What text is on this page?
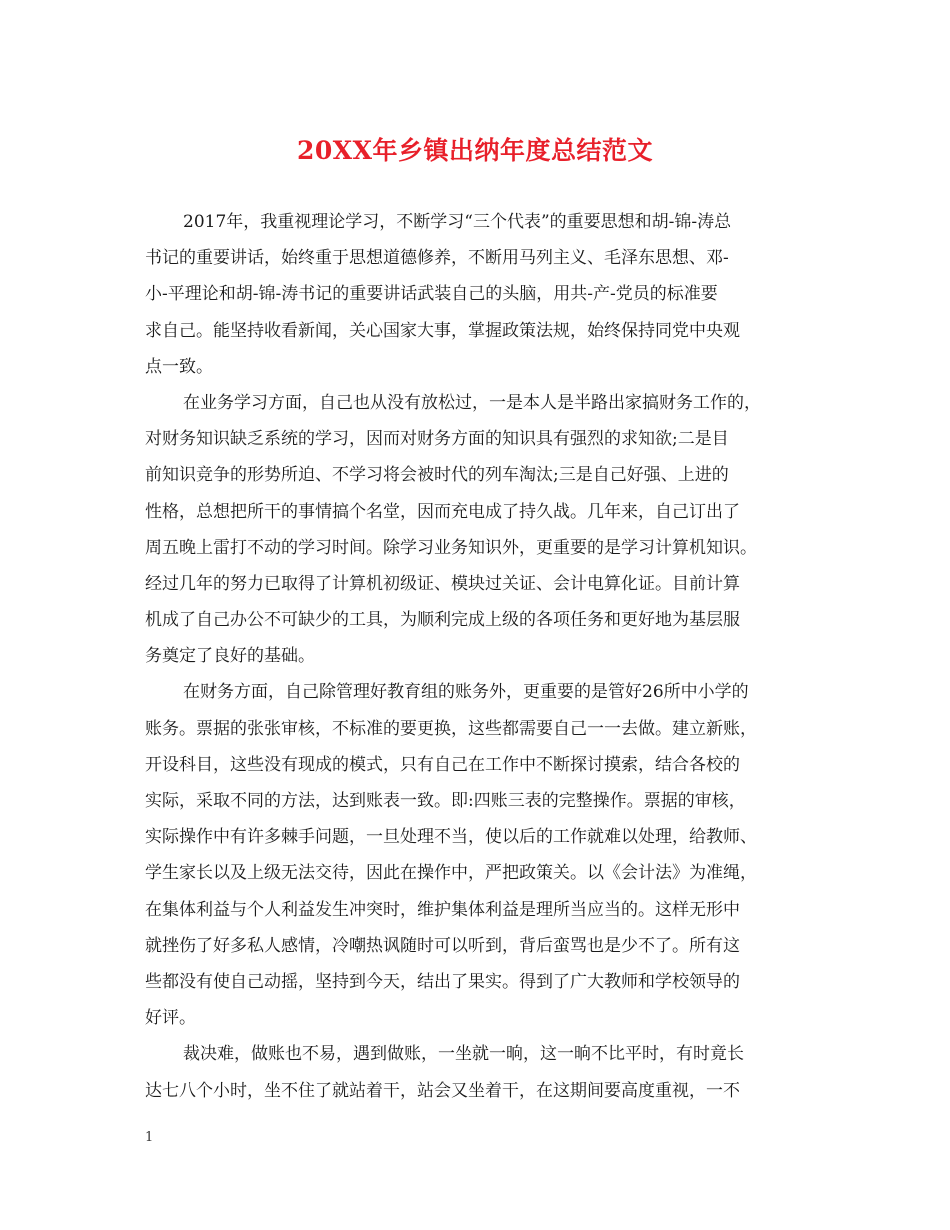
20XX年乡镇出纳年度总结范文
2017年，我重视理论学习，不断学习“三个代表”的重要思想和胡-锦-涛总
书记的重要讲话，始终重于思想道德修养，不断用马列主义、毛泽东思想、邓-
小-平理论和胡-锦-涛书记的重要讲话武装自己的头脑，用共-产-党员的标准要
求自己。能坚持收看新闻，关心国家大事，掌握政策法规，始终保持同党中央观
点一致。
在业务学习方面，自己也从没有放松过，一是本人是半路出家搞财务工作的，
对财务知识缺乏系统的学习，因而对财务方面的知识具有强烈的求知欲;二是目
前知识竞争的形势所迫、不学习将会被时代的列车淘汰;三是自己好强、上进的
性格，总想把所干的事情搞个名堂，因而充电成了持久战。几年来，自己订出了
周五晚上雷打不动的学习时间。除学习业务知识外，更重要的是学习计算机知识。
经过几年的努力已取得了计算机初级证、模块过关证、会计电算化证。目前计算
机成了自己办公不可缺少的工具，为顺利完成上级的各项任务和更好地为基层服
务奠定了良好的基础。
在财务方面，自己除管理好教育组的账务外，更重要的是管好26所中小学的
账务。票据的张张审核，不标准的要更换，这些都需要自己一一去做。建立新账，
开设科目，这些没有现成的模式，只有自己在工作中不断探讨摸索，结合各校的
实际，采取不同的方法，达到账表一致。即:四账三表的完整操作。票据的审核，
实际操作中有许多棘手问题，一旦处理不当，使以后的工作就难以处理，给教师、
学生家长以及上级无法交待，因此在操作中，严把政策关。以《会计法》为准绳，
在集体利益与个人利益发生冲突时，维护集体利益是理所当应当的。这样无形中
就挫伤了好多私人感情，冷嘲热讽随时可以听到，背后蛮骂也是少不了。所有这
些都没有使自己动摇，坚持到今天，结出了果实。得到了广大教师和学校领导的
好评。
裁决难，做账也不易，遇到做账，一坐就一晌，这一晌不比平时，有时竟长
达七八个小时，坐不住了就站着干，站会又坐着干，在这期间要高度重视，一不
1
